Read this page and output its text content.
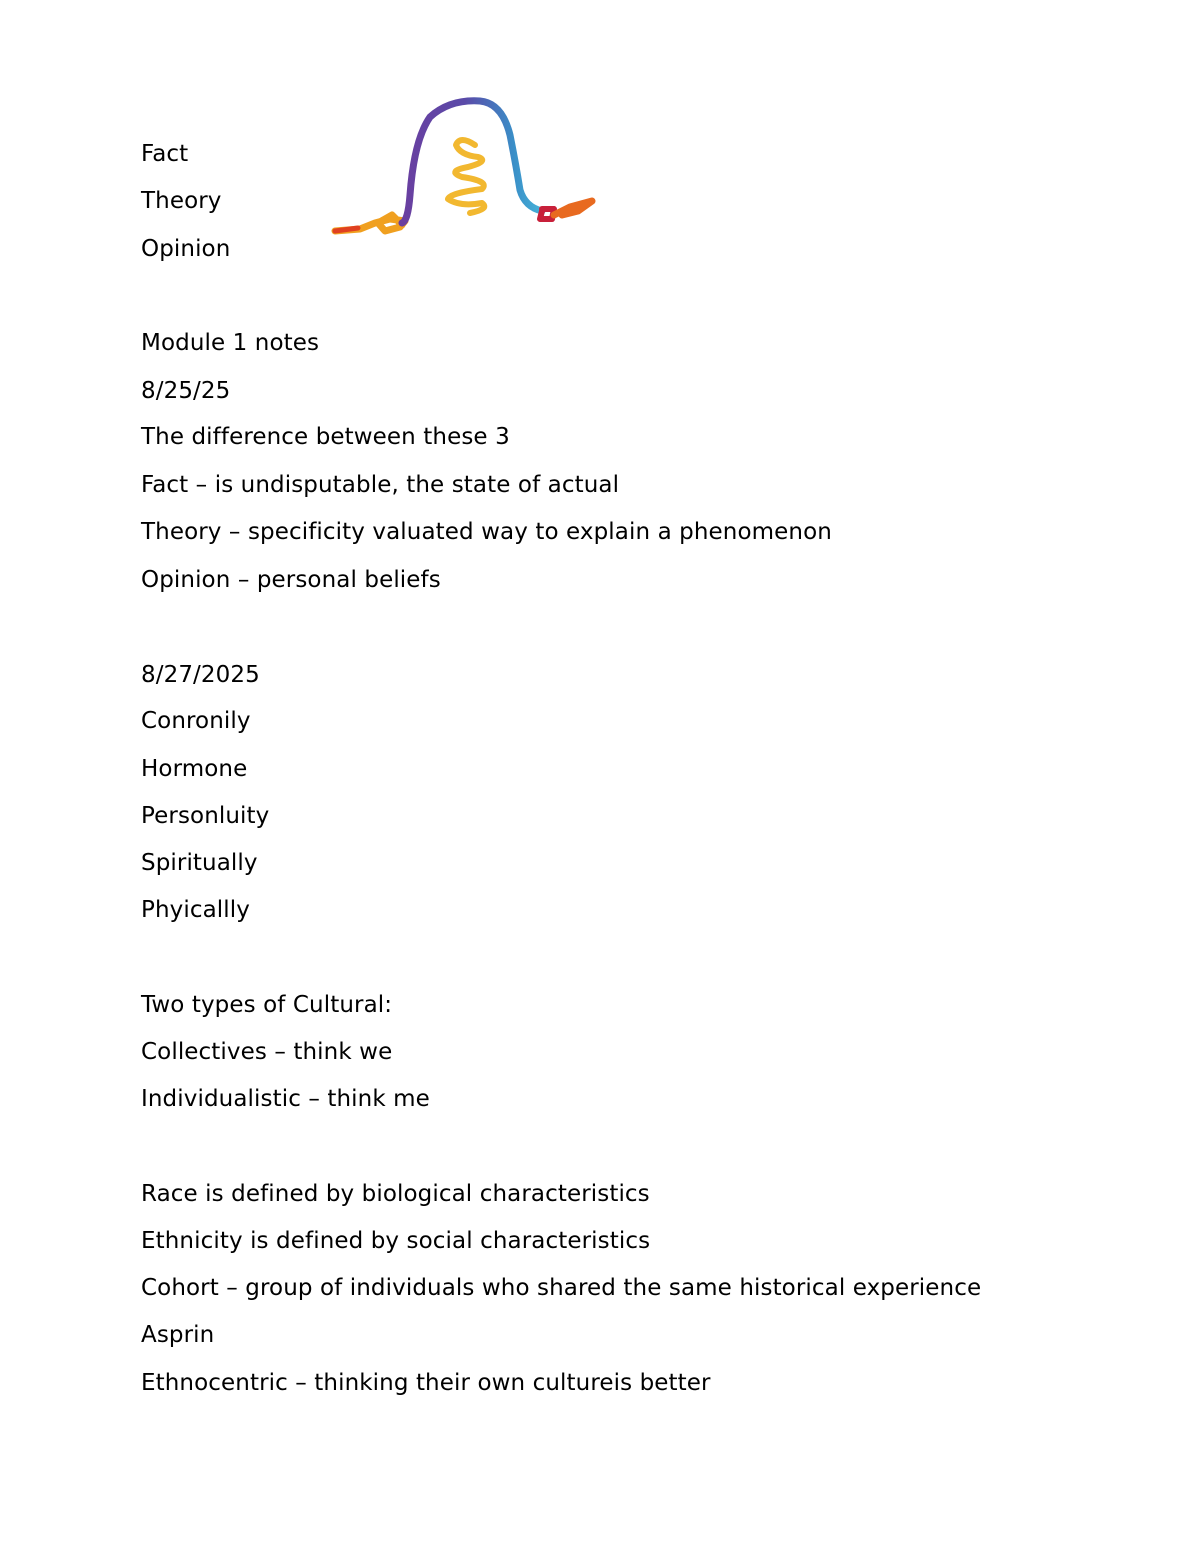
Fact
Theory
Opinion
Module 1 notes
8/25/25
The difference between these 3
Fact – is undisputable, the state of actual
Theory – specificity valuated way to explain a phenomenon
Opinion – personal beliefs
8/27/2025
Conronily
Hormone
Personluity
Spiritually
Phyicallly
Two types of Cultural:
Collectives – think we
Individualistic – think me
Race is defined by biological characteristics
Ethnicity is defined by social characteristics
Cohort – group of individuals who shared the same historical experience
Asprin
Ethnocentric – thinking their own cultureis better
